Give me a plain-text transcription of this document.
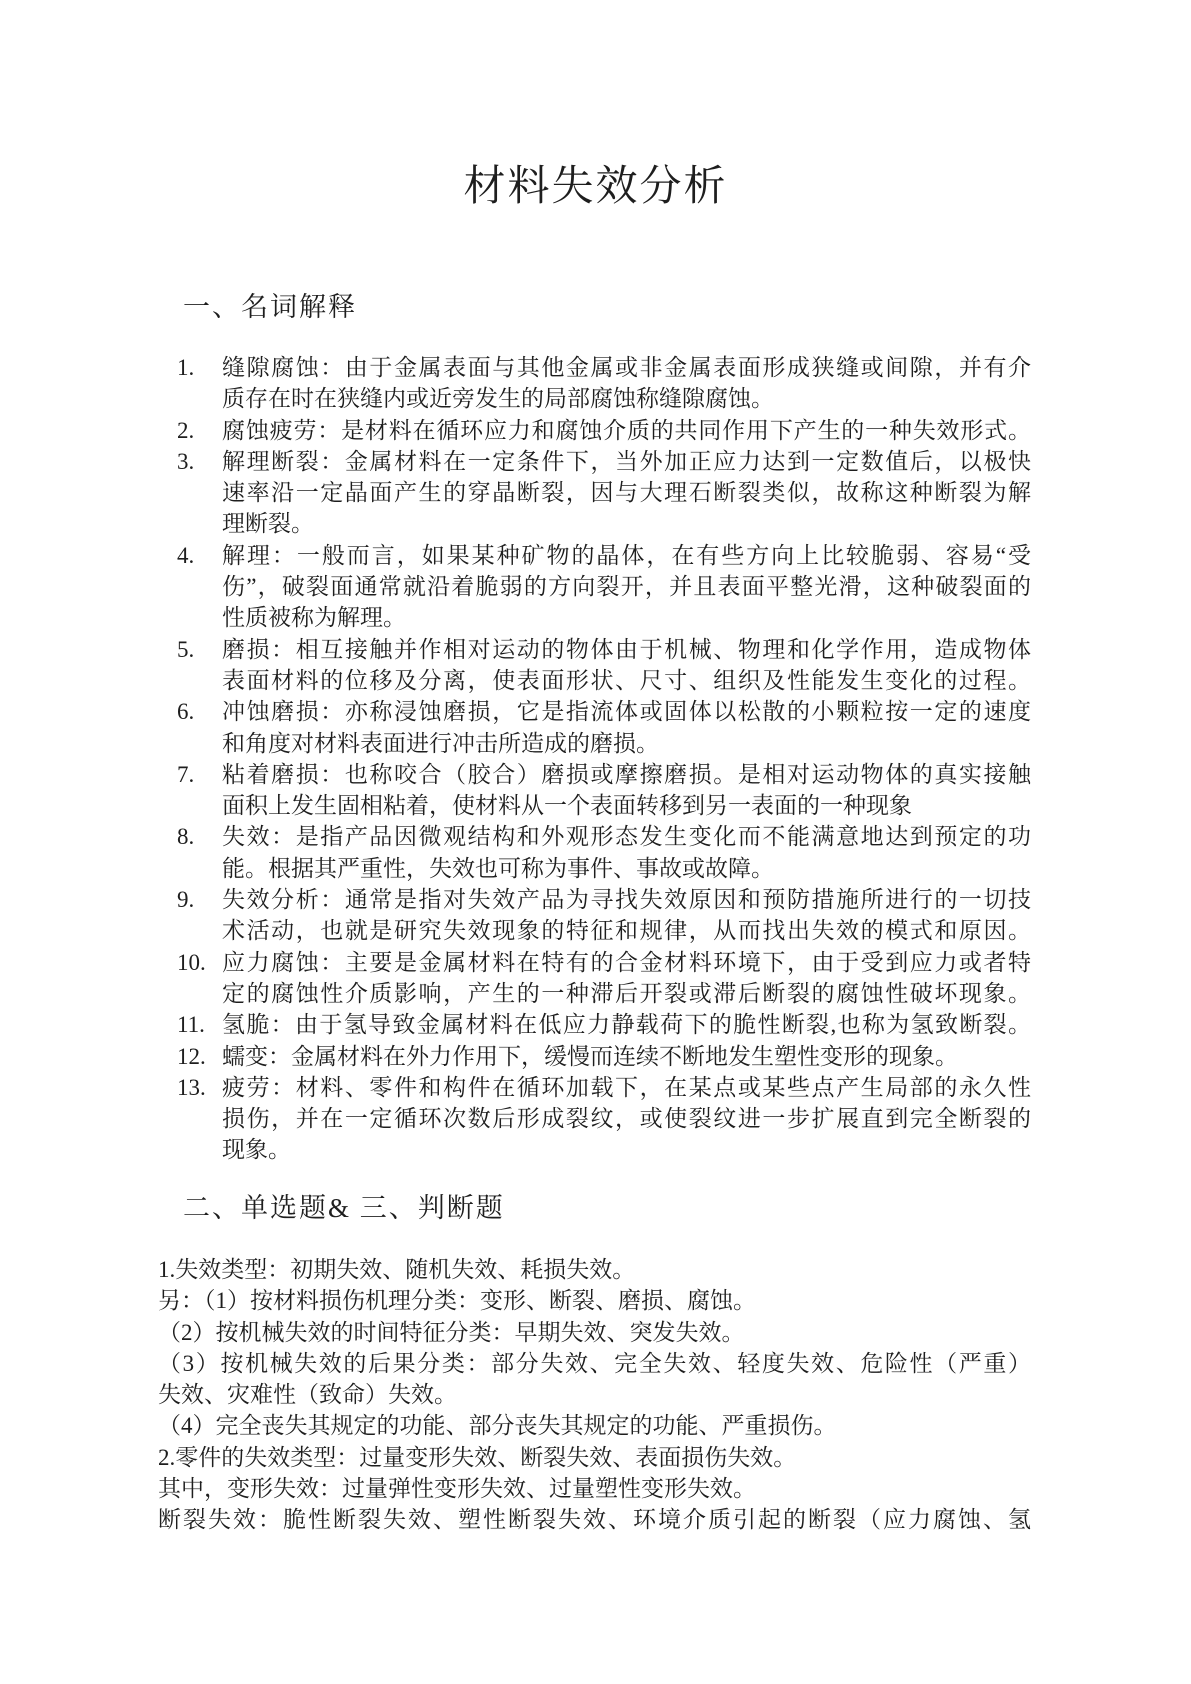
材料失效分析
一、名词解释
1. 缝隙腐蚀：由于金属表面与其他金属或非金属表面形成狭缝或间隙，并有介
质存在时在狭缝内或近旁发生的局部腐蚀称缝隙腐蚀。
2. 腐蚀疲劳：是材料在循环应力和腐蚀介质的共同作用下产生的一种失效形式。
3. 解理断裂：金属材料在一定条件下，当外加正应力达到一定数值后，以极快
速率沿一定晶面产生的穿晶断裂，因与大理石断裂类似，故称这种断裂为解
理断裂。
4. 解理：一般而言，如果某种矿物的晶体，在有些方向上比较脆弱、容易“受
伤”，破裂面通常就沿着脆弱的方向裂开，并且表面平整光滑，这种破裂面的
性质被称为解理。
5. 磨损：相互接触并作相对运动的物体由于机械、物理和化学作用，造成物体
表面材料的位移及分离，使表面形状、尺寸、组织及性能发生变化的过程。
6. 冲蚀磨损：亦称浸蚀磨损，它是指流体或固体以松散的小颗粒按一定的速度
和角度对材料表面进行冲击所造成的磨损。
7. 粘着磨损：也称咬合（胶合）磨损或摩擦磨损。是相对运动物体的真实接触
面积上发生固相粘着，使材料从一个表面转移到另一表面的一种现象
8. 失效：是指产品因微观结构和外观形态发生变化而不能满意地达到预定的功
能。根据其严重性，失效也可称为事件、事故或故障。
9. 失效分析：通常是指对失效产品为寻找失效原因和预防措施所进行的一切技
术活动，也就是研究失效现象的特征和规律，从而找出失效的模式和原因。
10. 应力腐蚀：主要是金属材料在特有的合金材料环境下，由于受到应力或者特
定的腐蚀性介质影响，产生的一种滞后开裂或滞后断裂的腐蚀性破坏现象。
11. 氢脆：由于氢导致金属材料在低应力静载荷下的脆性断裂,也称为氢致断裂。
12. 蠕变：金属材料在外力作用下，缓慢而连续不断地发生塑性变形的现象。
13. 疲劳：材料、零件和构件在循环加载下，在某点或某些点产生局部的永久性
损伤，并在一定循环次数后形成裂纹，或使裂纹进一步扩展直到完全断裂的
现象。
二、单选题& 三、判断题
1.失效类型：初期失效、随机失效、耗损失效。
另：（1）按材料损伤机理分类：变形、断裂、磨损、腐蚀。
（2）按机械失效的时间特征分类：早期失效、突发失效。
（3）按机械失效的后果分类：部分失效、完全失效、轻度失效、危险性（严重）
失效、灾难性（致命）失效。
（4）完全丧失其规定的功能、部分丧失其规定的功能、严重损伤。
2.零件的失效类型：过量变形失效、断裂失效、表面损伤失效。
其中，变形失效：过量弹性变形失效、过量塑性变形失效。
断裂失效：脆性断裂失效、塑性断裂失效、环境介质引起的断裂（应力腐蚀、氢
